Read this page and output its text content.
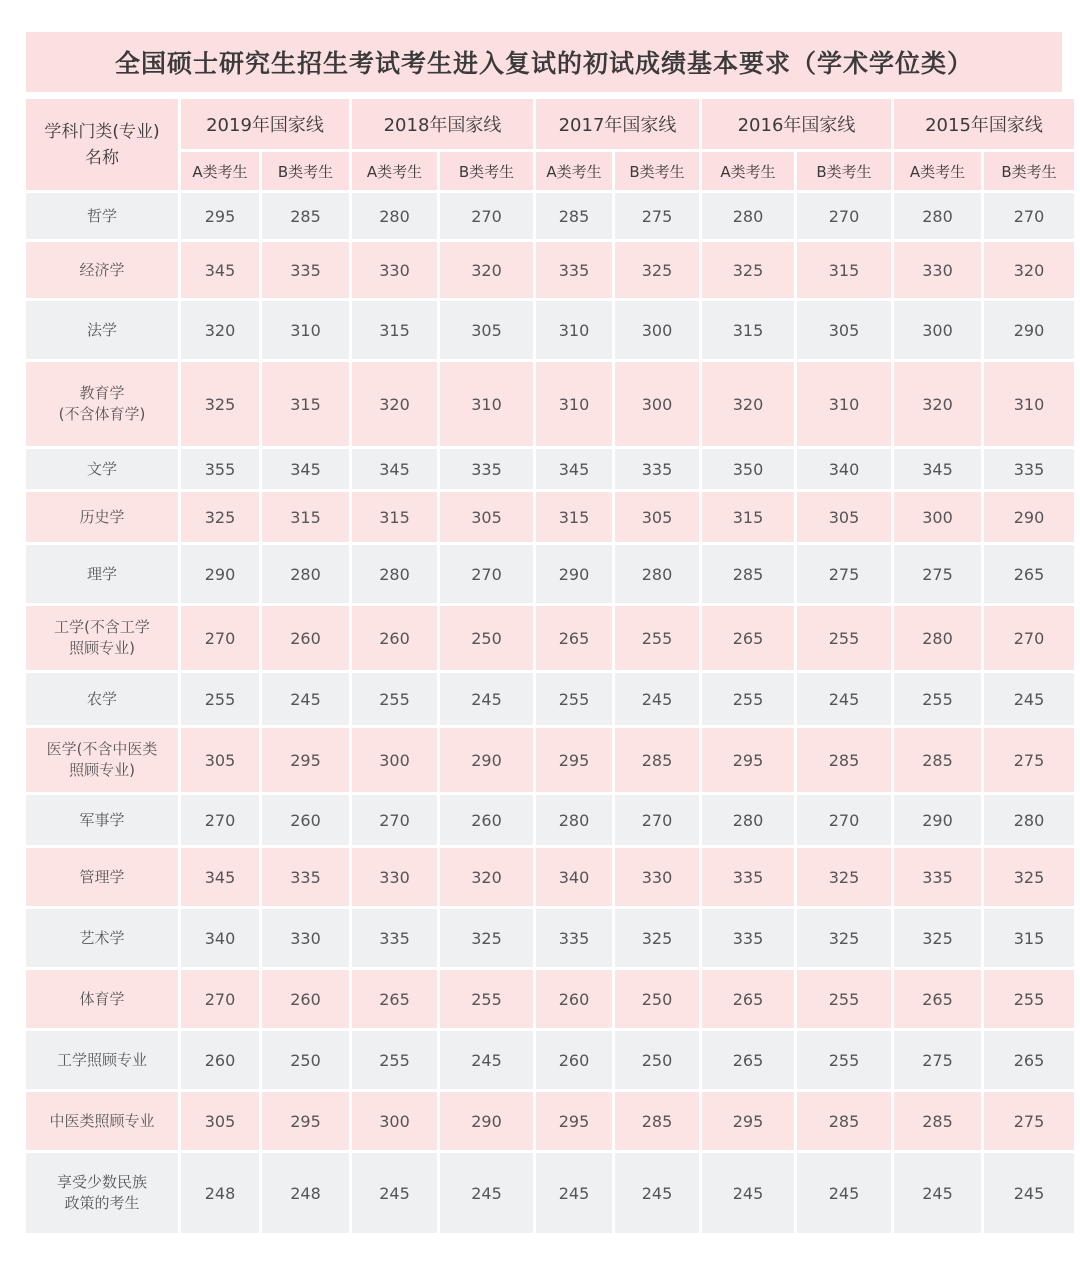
全国硕士研究生招生考试考生进入复试的初试成绩基本要求（学术学位类）
学科门类(专业)
名称	2019年国家线		2018年国家线		2017年国家线		2016年国家线		2015年国家线	
	A类考生	B类考生	A类考生	B类考生	A类考生	B类考生	A类考生	B类考生	A类考生	B类考生
哲学	295	285	280	270	285	275	280	270	280	270
经济学	345	335	330	320	335	325	325	315	330	320
法学	320	310	315	305	310	300	315	305	300	290
教育学
(不含体育学)	325	315	320	310	310	300	320	310	320	310
文学	355	345	345	335	345	335	350	340	345	335
历史学	325	315	315	305	315	305	315	305	300	290
理学	290	280	280	270	290	280	285	275	275	265
工学(不含工学
照顾专业)	270	260	260	250	265	255	265	255	280	270
农学	255	245	255	245	255	245	255	245	255	245
医学(不含中医类
照顾专业)	305	295	300	290	295	285	295	285	285	275
军事学	270	260	270	260	280	270	280	270	290	280
管理学	345	335	330	320	340	330	335	325	335	325
艺术学	340	330	335	325	335	325	335	325	325	315
体育学	270	260	265	255	260	250	265	255	265	255
工学照顾专业	260	250	255	245	260	250	265	255	275	265
中医类照顾专业	305	295	300	290	295	285	295	285	285	275
享受少数民族
政策的考生	248	248	245	245	245	245	245	245	245	245
